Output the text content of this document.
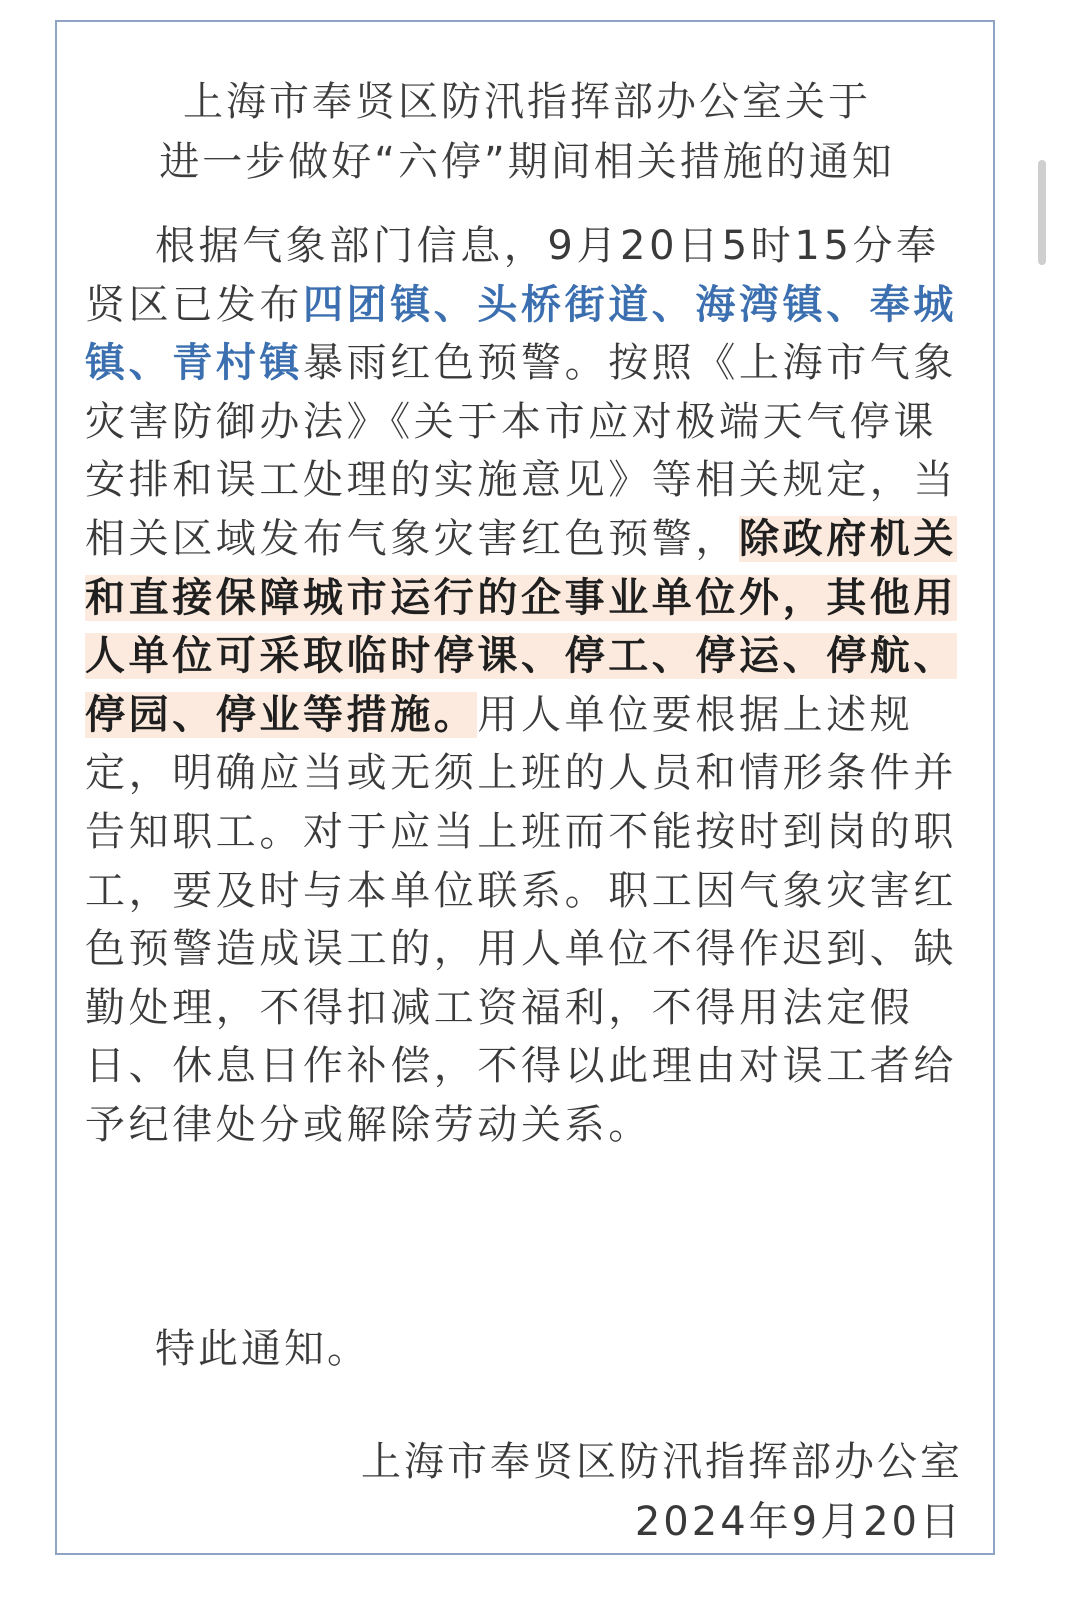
上海市奉贤区防汛指挥部办公室关于
进一步做好“六停”期间相关措施的通知

根据气象部门信息，9月20日5时15分奉贤区已发布四团镇、头桥街道、海湾镇、奉城镇、青村镇暴雨红色预警。按照《上海市气象灾害防御办法》《关于本市应对极端天气停课安排和误工处理的实施意见》等相关规定，当相关区域发布气象灾害红色预警，除政府机关和直接保障城市运行的企事业单位外，其他用人单位可采取临时停课、停工、停运、停航、停园、停业等措施。用人单位要根据上述规定，明确应当或无须上班的人员和情形条件并告知职工。对于应当上班而不能按时到岗的职工，要及时与本单位联系。职工因气象灾害红色预警造成误工的，用人单位不得作迟到、缺勤处理，不得扣减工资福利，不得用法定假日、休息日作补偿，不得以此理由对误工者给予纪律处分或解除劳动关系。

特此通知。
上海市奉贤区防汛指挥部办公室
2024年9月20日
